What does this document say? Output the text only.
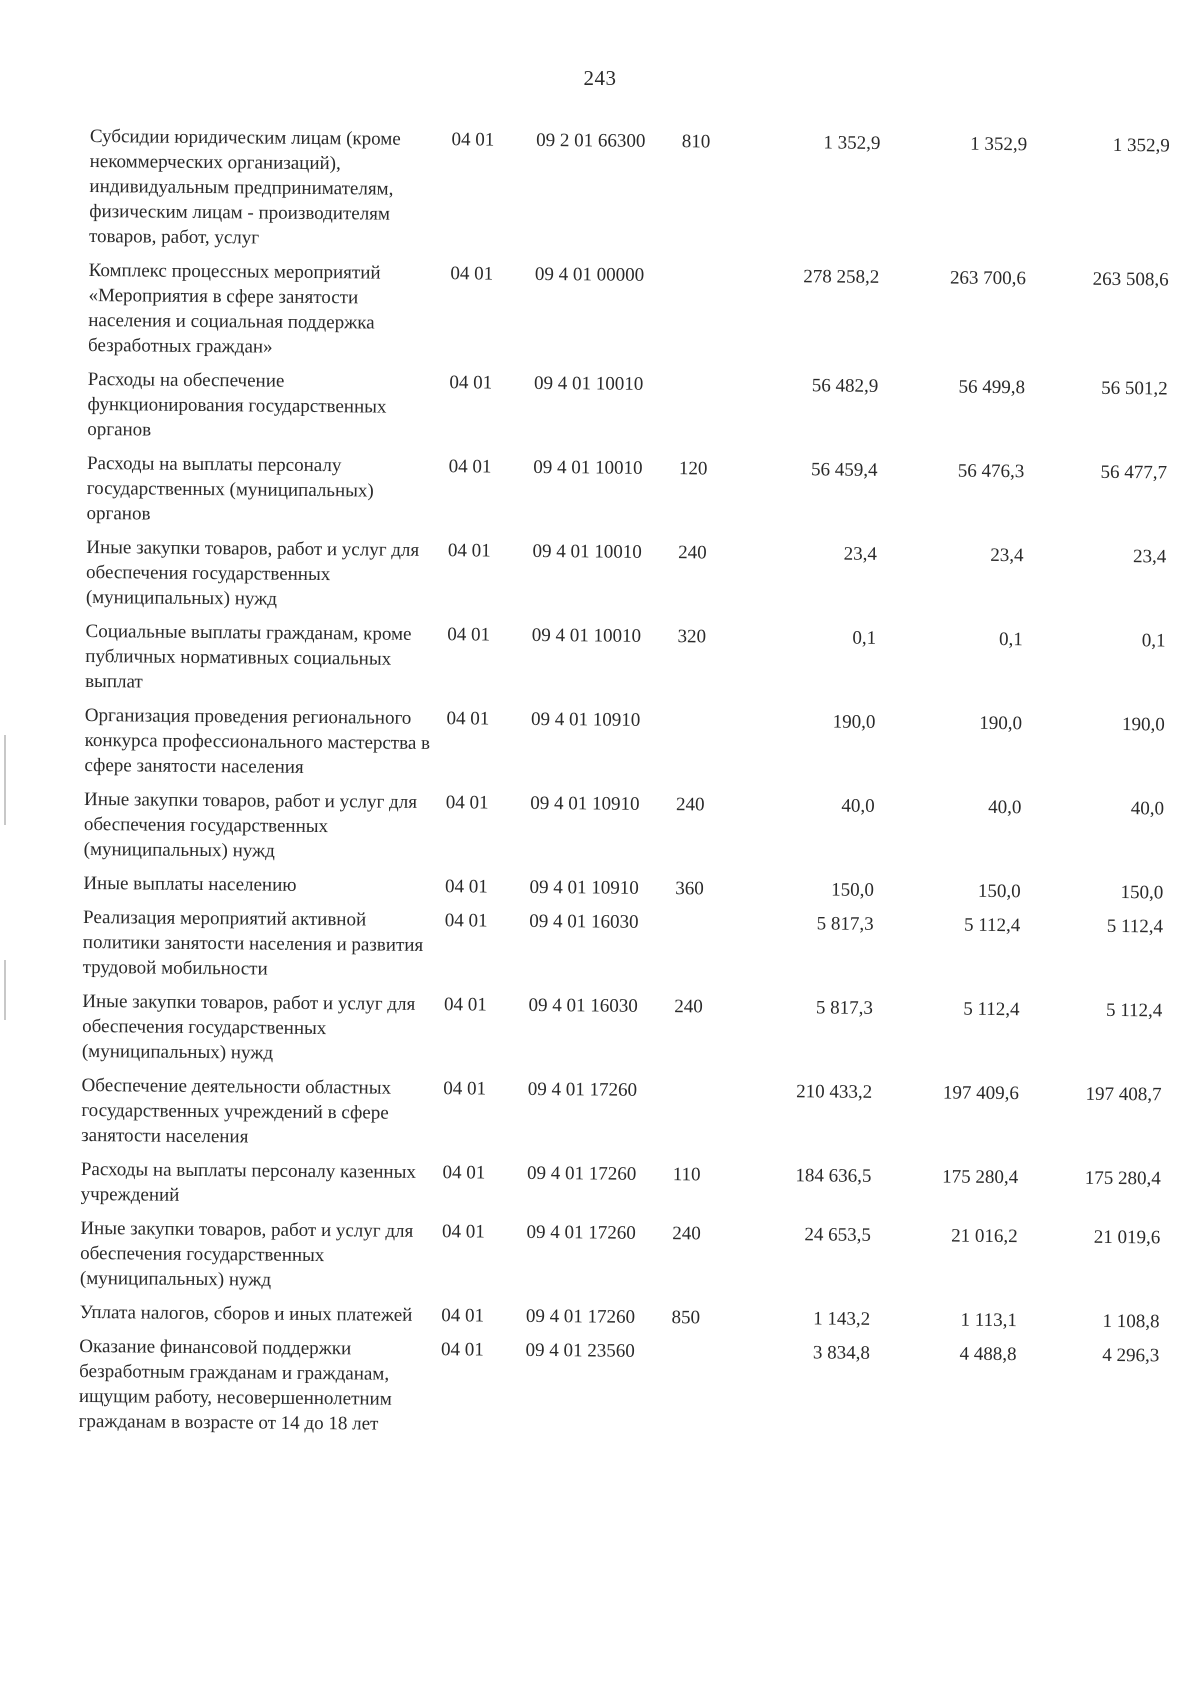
243
Субсидии юридическим лицам (кроме некоммерческих организаций), индивидуальным предпринимателям, физическим лицам - производителям товаров, работ, услуг	04 01	09 2 01 66300	810	1 352,9	1 352,9	1 352,9

Комплекс процессных мероприятий «Мероприятия в сфере занятости населения и социальная поддержка безработных граждан»	04 01	09 4 01 00000		278 258,2	263 700,6	263 508,6

Расходы на обеспечение функционирования государственных органов	04 01	09 4 01 10010		56 482,9	56 499,8	56 501,2

Расходы на выплаты персоналу государственных (муниципальных) органов	04 01	09 4 01 10010	120	56 459,4	56 476,3	56 477,7

Иные закупки товаров, работ и услуг для обеспечения государственных (муниципальных) нужд	04 01	09 4 01 10010	240	23,4	23,4	23,4

Социальные выплаты гражданам, кроме публичных нормативных социальных выплат	04 01	09 4 01 10010	320	0,1	0,1	0,1

Организация проведения регионального конкурса профессионального мастерства в сфере занятости населения	04 01	09 4 01 10910		190,0	190,0	190,0

Иные закупки товаров, работ и услуг для обеспечения государственных (муниципальных) нужд	04 01	09 4 01 10910	240	40,0	40,0	40,0

Иные выплаты населению	04 01	09 4 01 10910	360	150,0	150,0	150,0

Реализация мероприятий активной политики занятости населения и развития трудовой мобильности	04 01	09 4 01 16030		5 817,3	5 112,4	5 112,4

Иные закупки товаров, работ и услуг для обеспечения государственных (муниципальных) нужд	04 01	09 4 01 16030	240	5 817,3	5 112,4	5 112,4

Обеспечение деятельности областных государственных учреждений в сфере занятости населения	04 01	09 4 01 17260		210 433,2	197 409,6	197 408,7

Расходы на выплаты персоналу казенных учреждений	04 01	09 4 01 17260	110	184 636,5	175 280,4	175 280,4

Иные закупки товаров, работ и услуг для обеспечения государственных (муниципальных) нужд	04 01	09 4 01 17260	240	24 653,5	21 016,2	21 019,6

Уплата налогов, сборов и иных платежей	04 01	09 4 01 17260	850	1 143,2	1 113,1	1 108,8

Оказание финансовой поддержки безработным гражданам и гражданам, ищущим работу, несовершеннолетним гражданам в возрасте от 14 до 18 лет	04 01	09 4 01 23560		3 834,8	4 488,8	4 296,3
